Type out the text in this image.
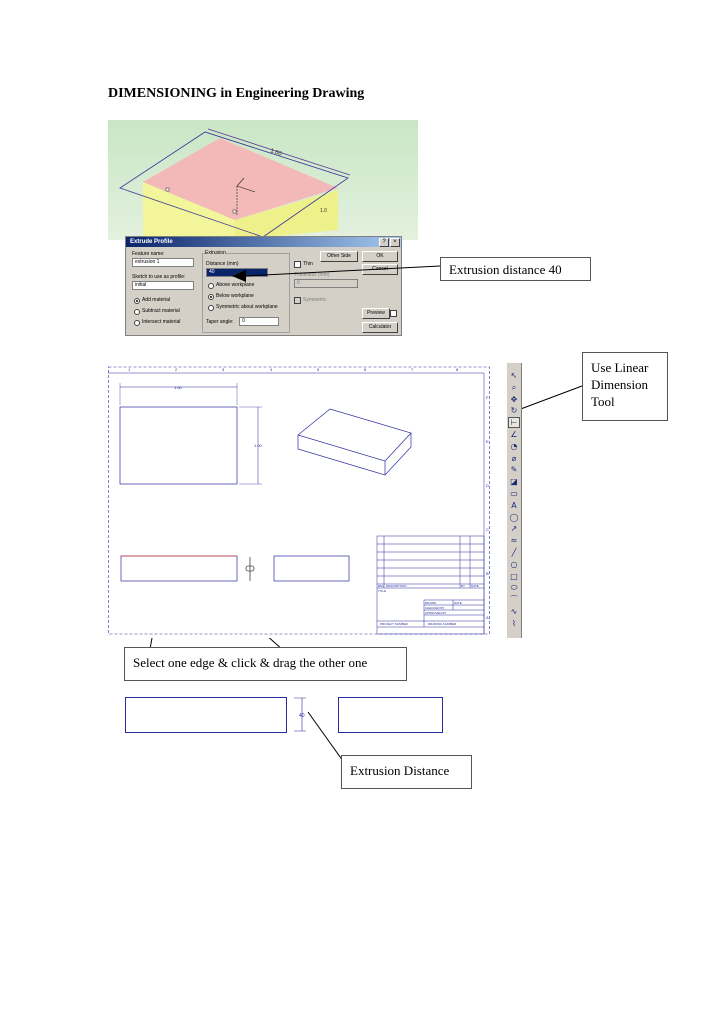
DIMENSIONING in Engineering Drawing
1.60
1.0
Extrude Profile	?	×
Feature name:
extrusion 1
Sketch to use as profile:
initial
Add material
Subtract material
Intersect material
Extrusion
Distance (mm)
40
Above workplane
Below workplane
Symmetric about workplane
Taper angle:	0
Thin
Thickness (mm)
0
Symmetric
Other Side	OK
Preview
Calculator
Extrusion distance 40
Use Linear
Dimension
Tool
1	2	3	4	5	6	7	8
F
E
D
C
B
A
1.60
1.00
REV DESCRIPTION	BY DATE
TITLE
DRAWN	DATE
CHECKED BY
APPROVED BY
PROJECT NUMBER	DRAWING NUMBER
↖
⌕
✥
↻
⊢
∠
◔
⌀
✎
◪
▭
A
◯
↗
≈
╱
○
□
⬭
⌒
∿
⌇
Select one edge & click & drag the other one
40
Extrusion Distance
